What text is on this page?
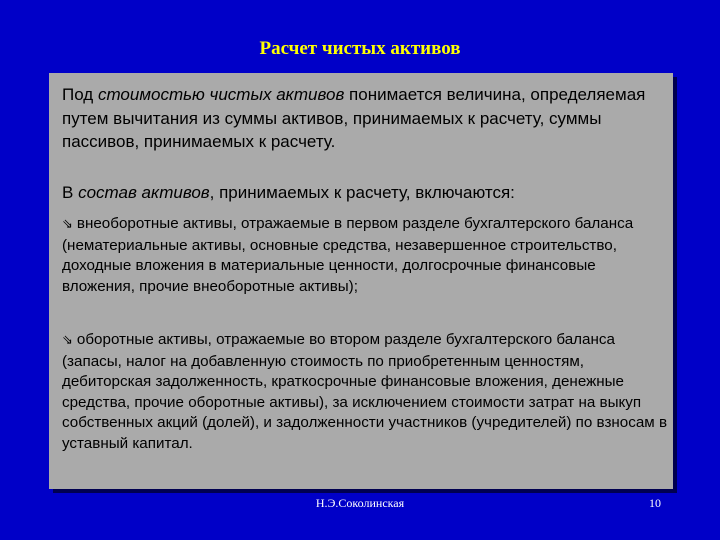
Расчет чистых активов
Под стоимостью чистых активов понимается величина, определяемая путем вычитания из суммы активов, принимаемых к расчету, суммы пассивов, принимаемых к расчету.
В состав активов, принимаемых к расчету, включаются:
⇘ внеоборотные активы, отражаемые в первом разделе бухгалтерского баланса (нематериальные активы, основные средства, незавершенное строительство, доходные вложения в материальные ценности, долгосрочные финансовые вложения, прочие внеоборотные активы);
⇘ оборотные активы, отражаемые во втором разделе бухгалтерского баланса (запасы, налог на добавленную стоимость по приобретенным ценностям, дебиторская задолженность, краткосрочные финансовые вложения, денежные средства, прочие оборотные активы), за исключением стоимости затрат на выкуп собственных акций (долей), и задолженности участников (учредителей) по взносам в уставный капитал.
Н.Э.Соколинская	10
